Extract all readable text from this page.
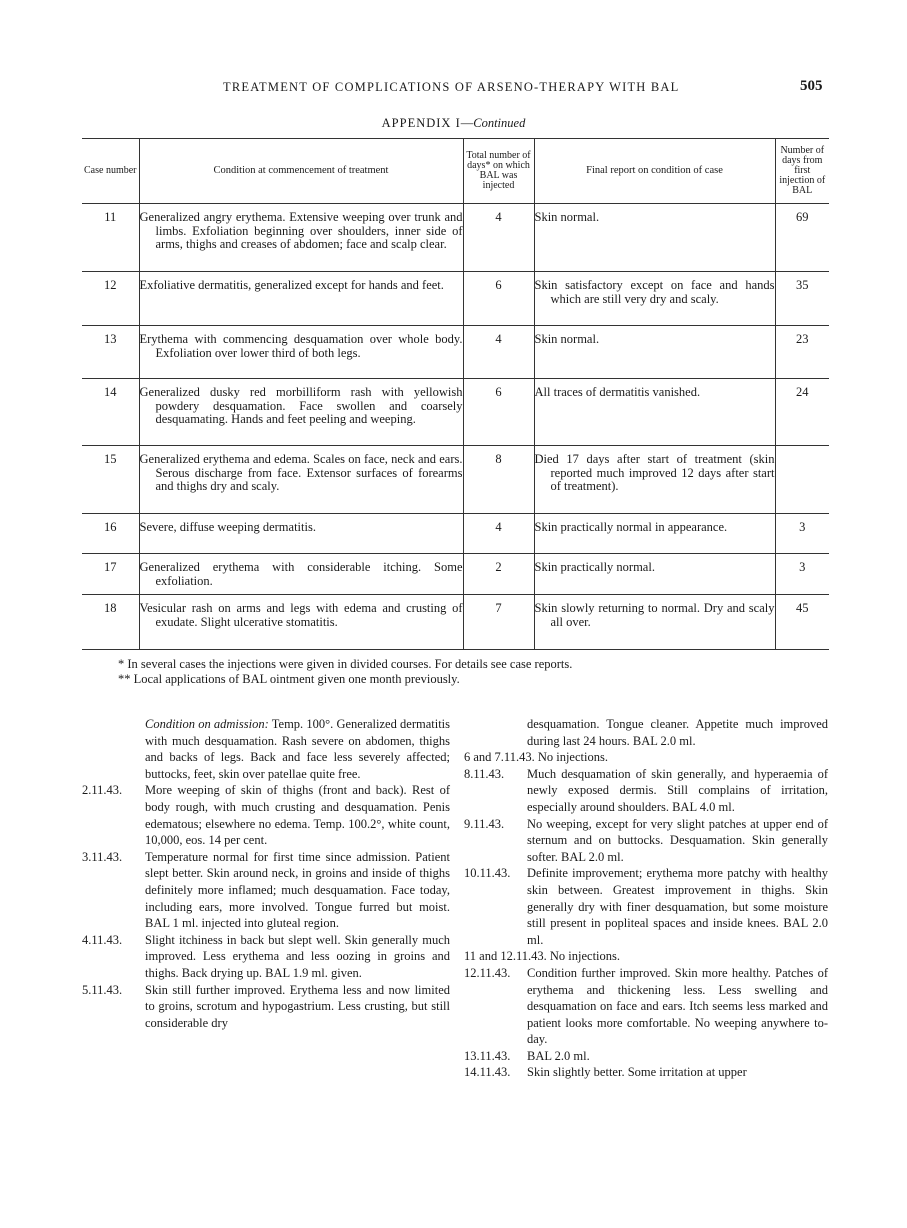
TREATMENT OF COMPLICATIONS OF ARSENO-THERAPY WITH BAL	505
APPENDIX I—Continued
Case number	Condition at commencement of treatment	Total number of days* on which BAL was injected	Final report on condition of case	Number of days from first injection of BAL
11	Generalized angry erythema. Extensive weeping over trunk and limbs. Exfoliation beginning over shoulders, inner side of arms, thighs and creases of abdomen; face and scalp clear.	4	Skin normal.	69
12	Exfoliative dermatitis, generalized except for hands and feet.	6	Skin satisfactory except on face and hands which are still very dry and scaly.	35
13	Erythema with commencing desquamation over whole body. Exfoliation over lower third of both legs.	4	Skin normal.	23
14	Generalized dusky red morbilliform rash with yellowish powdery desquamation. Face swollen and coarsely desquamating. Hands and feet peeling and weeping.	6	All traces of dermatitis vanished.	24
15	Generalized erythema and edema. Scales on face, neck and ears. Serous discharge from face. Extensor surfaces of forearms and thighs dry and scaly.	8	Died 17 days after start of treatment (skin reported much improved 12 days after start of treatment).	

16	Severe, diffuse weeping dermatitis.	4	Skin practically normal in appearance.	3
17	Generalized erythema with considerable itching. Some exfoliation.	2	Skin practically normal.	3
18	Vesicular rash on arms and legs with edema and crusting of exudate. Slight ulcerative stomatitis.	7	Skin slowly returning to normal. Dry and scaly all over.	45

* In several cases the injections were given in divided courses. For details see case reports.

** Local applications of BAL ointment given one month previously.

Condition on admission: Temp. 100°. Generalized dermatitis with much desquamation. Rash severe on abdomen, thighs and backs of legs. Back and face less severely affected; buttocks, feet, skin over patellae quite free.
2.11.43.	More weeping of skin of thighs (front and back). Rest of body rough, with much crusting and desquamation. Penis edematous; elsewhere no edema. Temp. 100.2°, white count, 10,000, eos. 14 per cent.
3.11.43.	Temperature normal for first time since admission. Patient slept better. Skin around neck, in groins and inside of thighs definitely more inflamed; much desquamation. Face today, including ears, more involved. Tongue furred but moist. BAL 1 ml. injected into gluteal region.
4.11.43.	Slight itchiness in back but slept well. Skin generally much improved. Less erythema and less oozing in groins and thighs. Back drying up. BAL 1.9 ml. given.
5.11.43.	Skin still further improved. Erythema less and now limited to groins, scrotum and hypogastrium. Less crusting, but still considerable dry
desquamation. Tongue cleaner. Appetite much improved during last 24 hours. BAL 2.0 ml.
6 and 7.11.43. No injections.
8.11.43.	Much desquamation of skin generally, and hyperaemia of newly exposed dermis. Still complains of irritation, especially around shoulders. BAL 4.0 ml.
9.11.43.	No weeping, except for very slight patches at upper end of sternum and on buttocks. Desquamation. Skin generally softer. BAL 2.0 ml.
10.11.43.	Definite improvement; erythema more patchy with healthy skin between. Greatest improvement in thighs. Skin generally dry with finer desquamation, but some moisture still present in popliteal spaces and inside knees. BAL 2.0 ml.
11 and 12.11.43. No injections.
12.11.43.	Condition further improved. Skin more healthy. Patches of erythema and thickening less. Less swelling and desquamation on face and ears. Itch seems less marked and patient looks more comfortable. No weeping anywhere to-day.
13.11.43.	BAL 2.0 ml.
14.11.43.	Skin slightly better. Some irritation at upper
